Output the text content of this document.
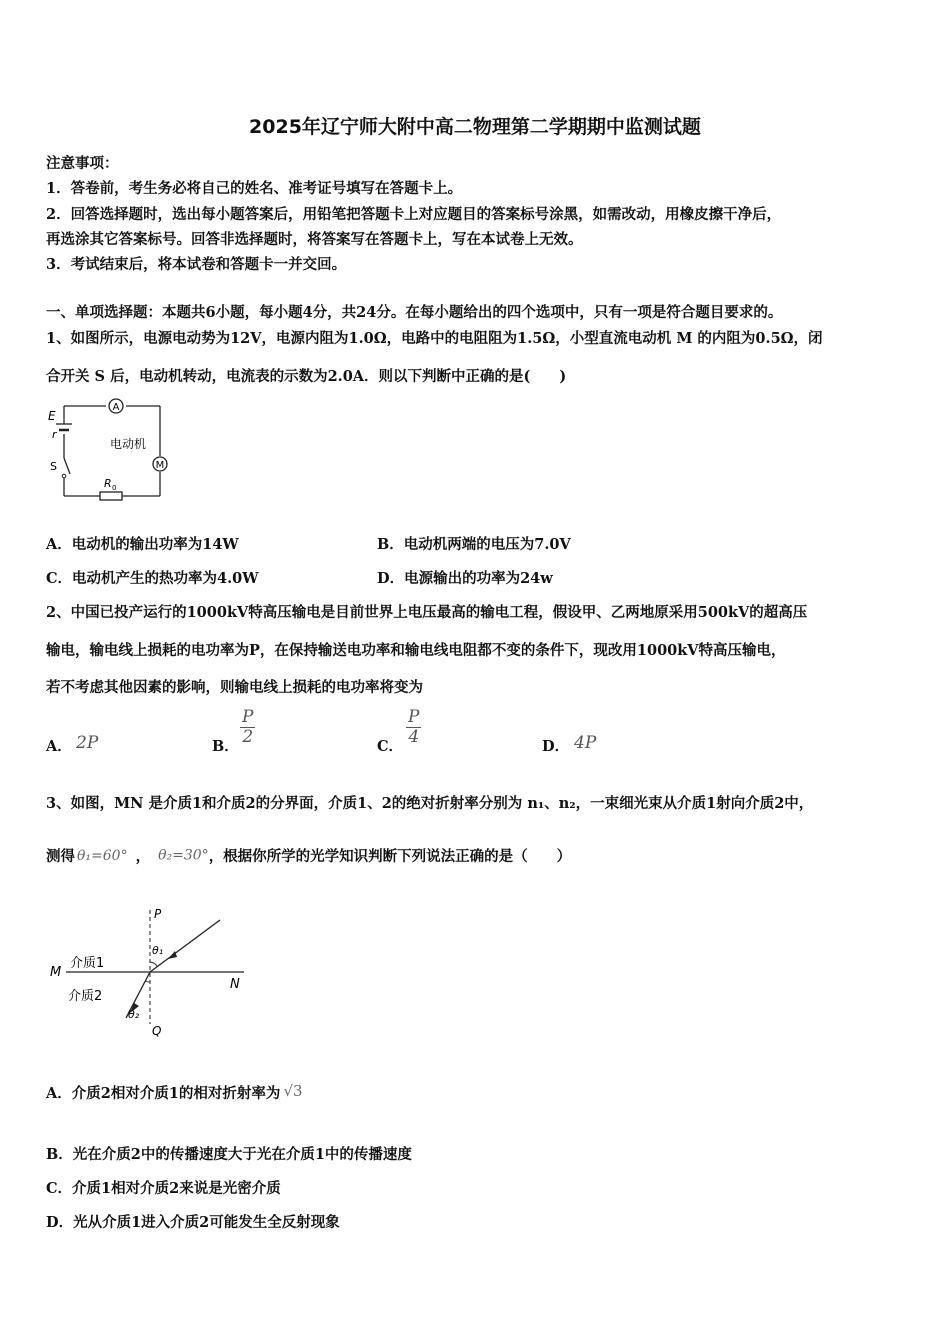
2025年辽宁师大附中高二物理第二学期期中监测试题
注意事项：
1．答卷前，考生务必将自己的姓名、准考证号填写在答题卡上。
2．回答选择题时，选出每小题答案后，用铅笔把答题卡上对应题目的答案标号涂黑，如需改动，用橡皮擦干净后，
再选涂其它答案标号。回答非选择题时，将答案写在答题卡上，写在本试卷上无效。
3．考试结束后，将本试卷和答题卡一并交回。
一、单项选择题：本题共6小题，每小题4分，共24分。在每小题给出的四个选项中，只有一项是符合题目要求的。
1、如图所示，电源电动势为12V，电源内阻为1.0Ω，电路中的电阻阻为1.5Ω，小型直流电动机 M 的内阻为0.5Ω，闭
合开关 S 后，电动机转动，电流表的示数为2.0A．则以下判断中正确的是(　　)
A
M
R 0
E
r
S
电动机
A．电动机的输出功率为14W	B．电动机两端的电压为7.0V
C．电动机产生的热功率为4.0W	D．电源输出的功率为24w
2、中国已投产运行的1000kV特高压输电是目前世界上电压最高的输电工程，假设甲、乙两地原采用500kV的超高压
输电，输电线上损耗的电功率为P，在保持输送电功率和输电线电阻都不变的条件下，现改用1000kV特高压输电，
若不考虑其他因素的影响，则输电线上损耗的电功率将变为
A． 2P	B．
$\frac{P}{2}$
C．
$\frac{P}{4}$
D． 4P
3、如图，MN 是介质1和介质2的分界面，介质1、2的绝对折射率分别为 n₁、n₂，一束细光束从介质1射向介质2中，
测得 θ₁=60° ， θ₂=30°，根据你所学的光学知识判断下列说法正确的是（　　）
P
Q
M
N
介质1
介质2
θ₁
θ₂
A．介质2相对介质1的相对折射率为 √3
B．光在介质2中的传播速度大于光在介质1中的传播速度
C．介质1相对介质2来说是光密介质
D．光从介质1进入介质2可能发生全反射现象
